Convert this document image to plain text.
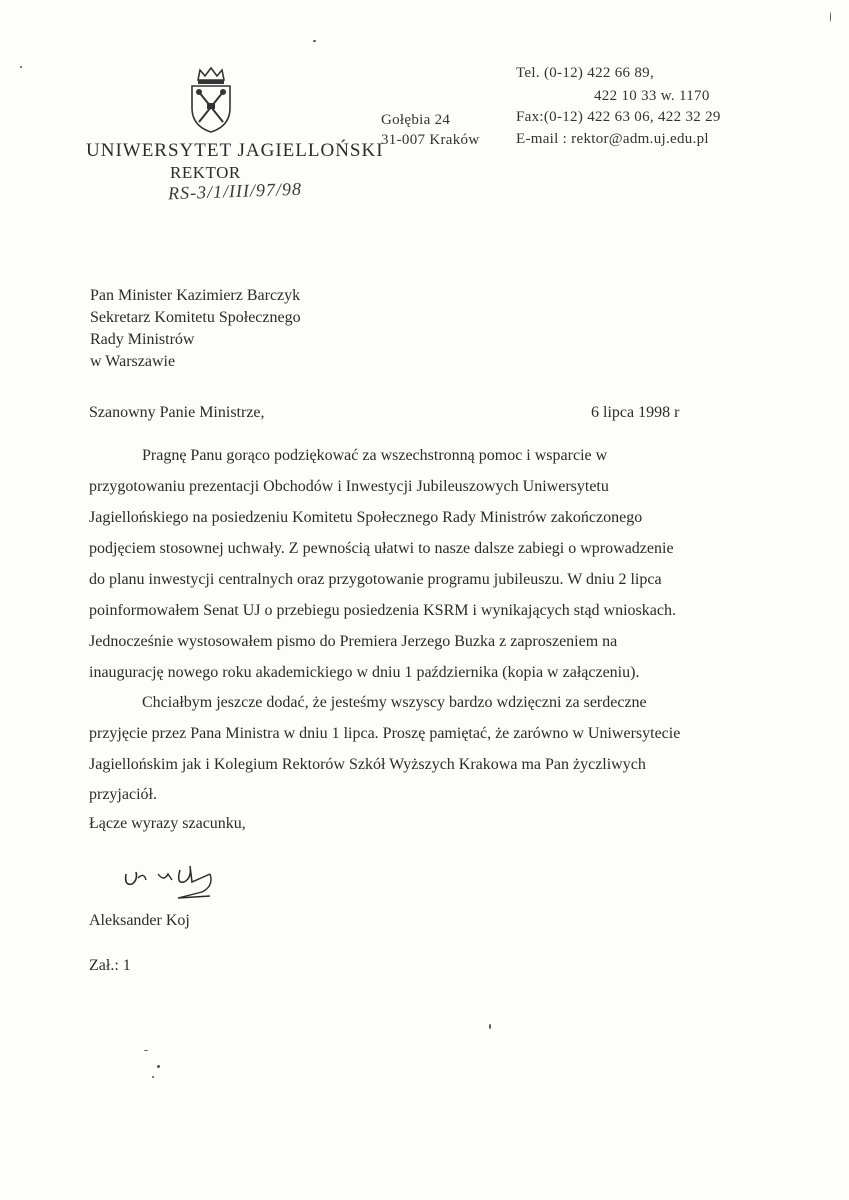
UNIWERSYTET JAGIELLOŃSKI
REKTOR
RS-3/1/III/97/98
Gołębia 24
31-007 Kraków
Tel. (0-12) 422 66 89,
422 10 33 w. 1170
Fax:(0-12) 422 63 06, 422 32 29
E-mail : rektor@adm.uj.edu.pl
Pan Minister Kazimierz Barczyk
Sekretarz Komitetu Społecznego
Rady Ministrów
w Warszawie
Szanowny Panie Ministrze,	6 lipca 1998 r
Pragnę Panu gorąco podziękować za wszechstronną pomoc i wsparcie w
przygotowaniu prezentacji Obchodów i Inwestycji Jubileuszowych Uniwersytetu
Jagiellońskiego na posiedzeniu Komitetu Społecznego Rady Ministrów zakończonego
podjęciem stosownej uchwały. Z pewnością ułatwi to nasze dalsze zabiegi o wprowadzenie
do planu inwestycji centralnych oraz przygotowanie programu jubileuszu. W dniu 2 lipca
poinformowałem Senat UJ o przebiegu posiedzenia KSRM i wynikających stąd wnioskach.
Jednocześnie wystosowałem pismo do Premiera Jerzego Buzka z zaproszeniem na
inaugurację nowego roku akademickiego w dniu 1 października (kopia w załączeniu).
Chciałbym jeszcze dodać, że jesteśmy wszyscy bardzo wdzięczni za serdeczne
przyjęcie przez Pana Ministra w dniu 1 lipca. Proszę pamiętać, że zarówno w Uniwersytecie
Jagiellońskim jak i Kolegium Rektorów Szkół Wyższych Krakowa ma Pan życzliwych
przyjaciół.
Łącze wyrazy szacunku,
Aleksander Koj
Zał.: 1
